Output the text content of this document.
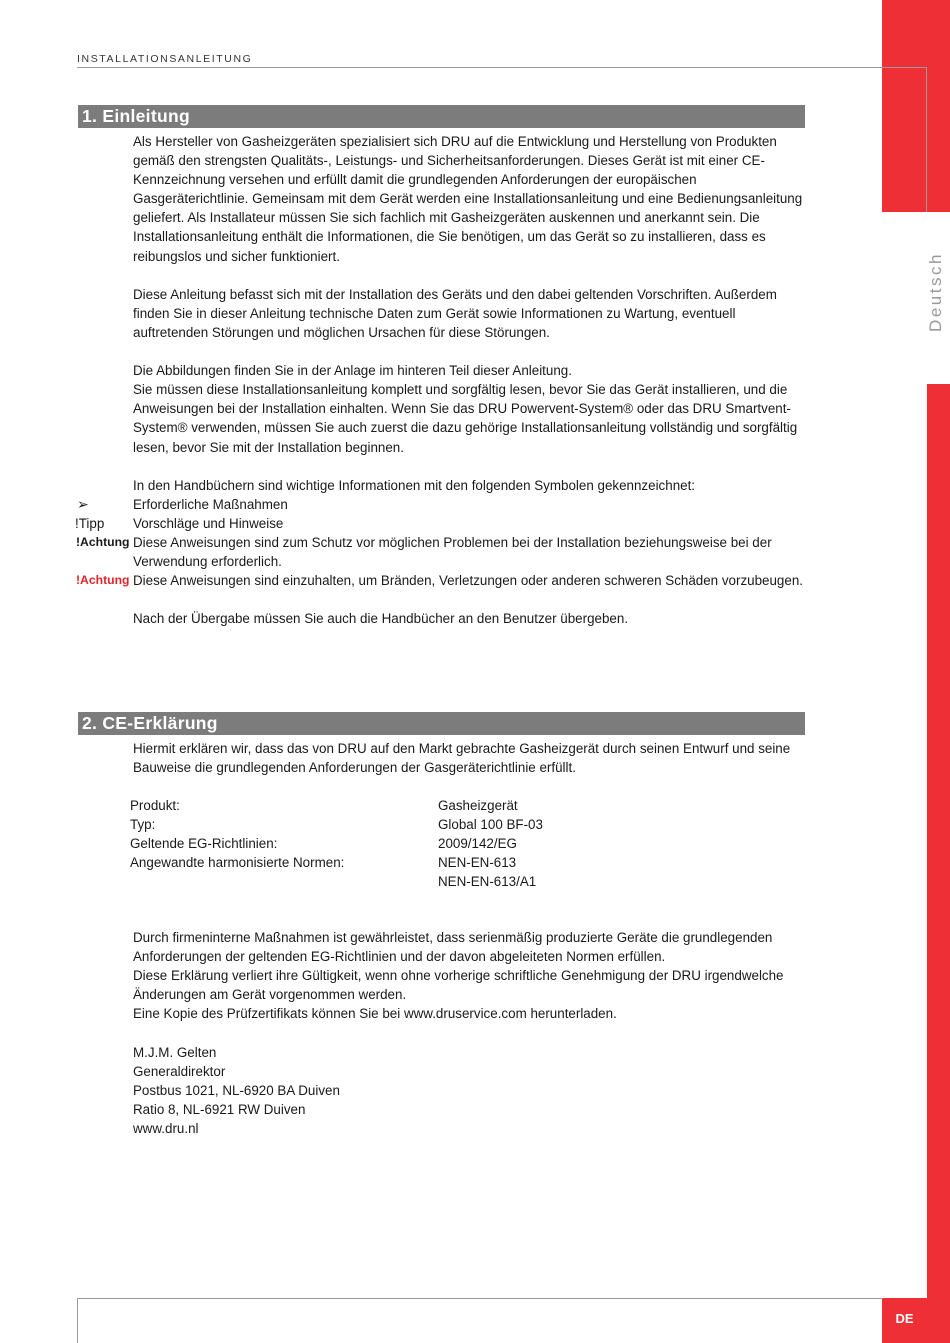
INSTALLATIONSANLEITUNG
Deutsch
DE
1. Einleitung

Als Hersteller von Gasheizgeräten spezialisiert sich DRU auf die Entwicklung und Herstellung von Produkten gemäß den strengsten Qualitäts-, Leistungs- und Sicherheitsanforderungen. Dieses Gerät ist mit einer CE-Kennzeichnung versehen und erfüllt damit die grundlegenden Anforderungen der europäischen Gasgeräterichtlinie. Gemeinsam mit dem Gerät werden eine Installationsanleitung und eine Bedienungsanleitung geliefert. Als Installateur müssen Sie sich fachlich mit Gasheizgeräten auskennen und anerkannt sein. Die Installationsanleitung enthält die Informationen, die Sie benötigen, um das Gerät so zu installieren, dass es reibungslos und sicher funktioniert.

Diese Anleitung befasst sich mit der Installation des Geräts und den dabei geltenden Vorschriften. Außerdem finden Sie in dieser Anleitung technische Daten zum Gerät sowie Informationen zu Wartung, eventuell auftretenden Störungen und möglichen Ursachen für diese Störungen.

Die Abbildungen finden Sie in der Anlage im hinteren Teil dieser Anleitung.

Sie müssen diese Installationsanleitung komplett und sorgfältig lesen, bevor Sie das Gerät installieren, und die Anweisungen bei der Installation einhalten. Wenn Sie das DRU Powervent-System® oder das DRU Smartvent-System® verwenden, müssen Sie auch zuerst die dazu gehörige Installationsanleitung vollständig und sorgfältig lesen, bevor Sie mit der Installation beginnen.

In den Handbüchern sind wichtige Informationen mit den folgenden Symbolen gekennzeichnet:

➢	Erforderliche Maßnahmen

!Tipp Vorschläge und Hinweise

!Achtung Diese Anweisungen sind zum Schutz vor möglichen Problemen bei der Installation beziehungsweise bei der Verwendung erforderlich.

!Achtung Diese Anweisungen sind einzuhalten, um Bränden, Verletzungen oder anderen schweren Schäden vorzubeugen.

Nach der Übergabe müssen Sie auch die Handbücher an den Benutzer übergeben.

2. CE-Erklärung

Hiermit erklären wir, dass das von DRU auf den Markt gebrachte Gasheizgerät durch seinen Entwurf und seine Bauweise die grundlegenden Anforderungen der Gasgeräterichtlinie erfüllt.

Produkt:
Typ:
Geltende EG-Richtlinien:
Angewandte harmonisierte Normen:
Gasheizgerät
Global 100 BF-03
2009/142/EG
NEN-EN-613
NEN-EN-613/A1

Durch firmeninterne Maßnahmen ist gewährleistet, dass serienmäßig produzierte Geräte die grundlegenden Anforderungen der geltenden EG-Richtlinien und der davon abgeleiteten Normen erfüllen.

Diese Erklärung verliert ihre Gültigkeit, wenn ohne vorherige schriftliche Genehmigung der DRU irgendwelche Änderungen am Gerät vorgenommen werden.

Eine Kopie des Prüfzertifikats können Sie bei www.druservice.com herunterladen.

M.J.M. Gelten

Generaldirektor

Postbus 1021, NL-6920 BA Duiven

Ratio 8, NL-6921 RW Duiven

www.dru.nl
